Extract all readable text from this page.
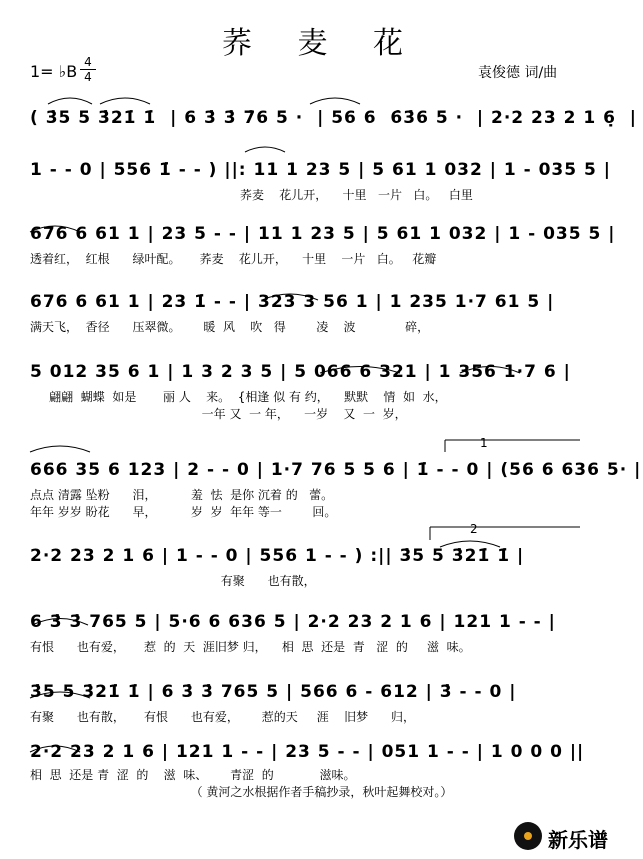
荞 麦 花
1= ♭B 4
4	袁俊德 词/曲
1
2
( 3̇5 5 3̇21̇ 1̇  | 6 3̇ 3̇ 7̇6 5 ·  | 56 6  6̇3̇6 5 ·  | 2·2 23 2 1 6̣  |
1 - - 0 | 556 1̇ - - ) ||: 11 1 23 5 | 5 61 1 032 | 1 - 035 5 |
荞麦    花儿开，    十里   一片   白。   白里
676 6 61 1 | 23 5 - - | 11 1 23 5 | 5 61 1 032 | 1 - 035 5 |
透着红，  红根      绿叶配。     荞麦    花儿开，    十里    一片   白。   花瓣
676 6 61 1 | 23 1̇ - - | 323 3 56 1 | 1 235 1·7 61 5 |
满天飞，  香径      压翠微。      暖  风    吹   得        凌    波             碎，
5 012 35 6 1 | 1 3 2 3 5 | 5 066 6 321 | 1 356 1·7 6 |
翩翩  蝴蝶  如是       丽 人    来。  {相逢 似 有 约，    默默    情  如  水，
一年 又  一 年，    一岁    又  一  岁，
666 35 6 123 | 2 - - 0 | 1·7 76 5 5 6 | 1̇ - - 0 | (56 6 636 5· |
点点 清露 坠粉      泪，         羞  怯  是你 沉着 的   蕾。
年年 岁岁 盼花      早，         岁  岁  年年 等一        回。
2·2 23 2 1 6 | 1 - - 0 | 556 1 - - ) :|| 3̇5 5 3̇21̇ 1̇ |
有聚      也有散，
6 3̇ 3̇ 765 5 | 5·6 6 636 5 | 2·2 23 2 1 6 | 121 1 - - |
有恨      也有爱，     惹  的  天  涯旧梦 归，    相  思  还是  青   涩  的     滋  味。
3̇5 5 3̇21̇ 1̇ | 6 3̇ 3̇ 765 5 | 566 6 - 612 | 3̇ - - 0 |
有聚      也有散，     有恨      也有爱，      惹的天     涯    旧梦      归，
2·2 23 2 1 6 | 121 1 - - | 23 5 - - | 051 1 - - | 1 0 0 0 ||
相  思  还是 青  涩  的    滋  味、      青涩  的            滋味。
（ 黄河之水根据作者手稿抄录，秋叶起舞校对。）
新乐谱
